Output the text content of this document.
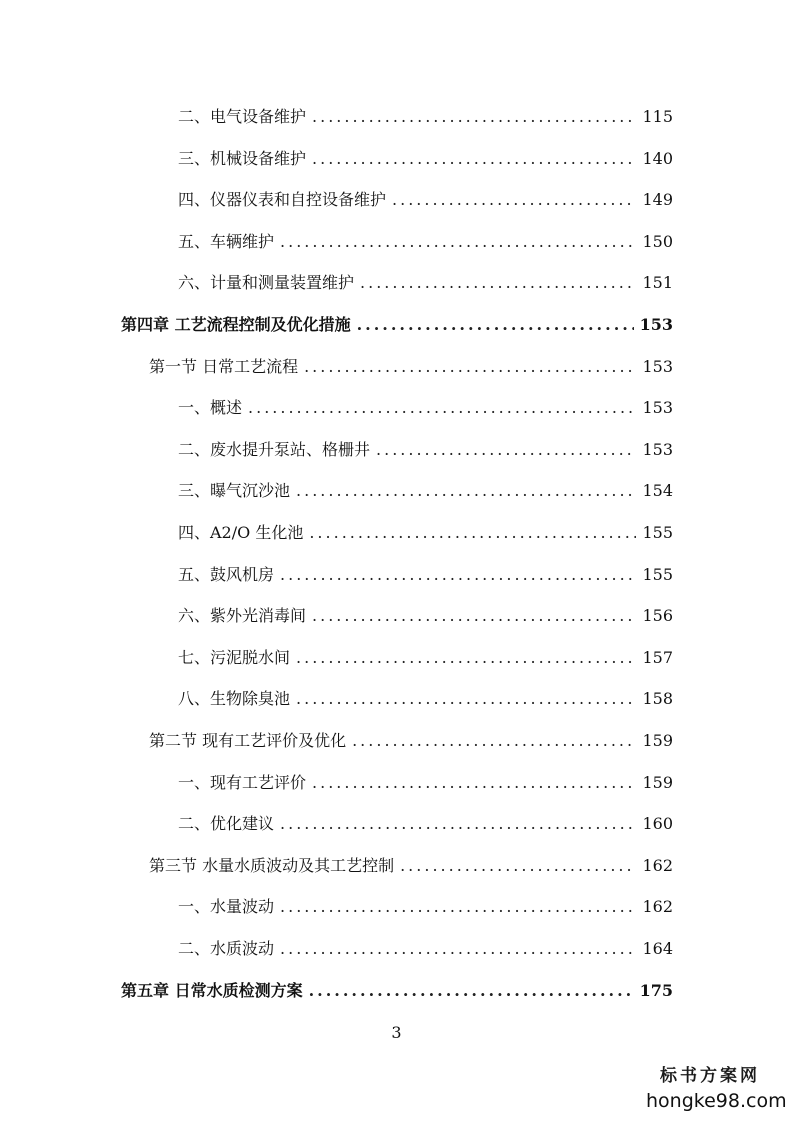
二、电气设备维护 .....	115
三、机械设备维护 .....	140
四、仪器仪表和自控设备维护 .....	149
五、车辆维护 .....	150
六、计量和测量装置维护 .....	151
第四章 工艺流程控制及优化措施 .....	153
第一节 日常工艺流程 .....	153
一、概述 .....	153
二、废水提升泵站、格栅井 .....	153
三、曝气沉沙池 .....	154
四、A2/O 生化池 .....	155
五、鼓风机房 .....	155
六、紫外光消毒间 .....	156
七、污泥脱水间 .....	157
八、生物除臭池 .....	158
第二节 现有工艺评价及优化 .....	159
一、现有工艺评价 .....	159
二、优化建议 .....	160
第三节 水量水质波动及其工艺控制 .....	162
一、水量波动 .....	162
二、水质波动 .....	164
第五章 日常水质检测方案 .....	175
3
标书方案网
hongke98.com
